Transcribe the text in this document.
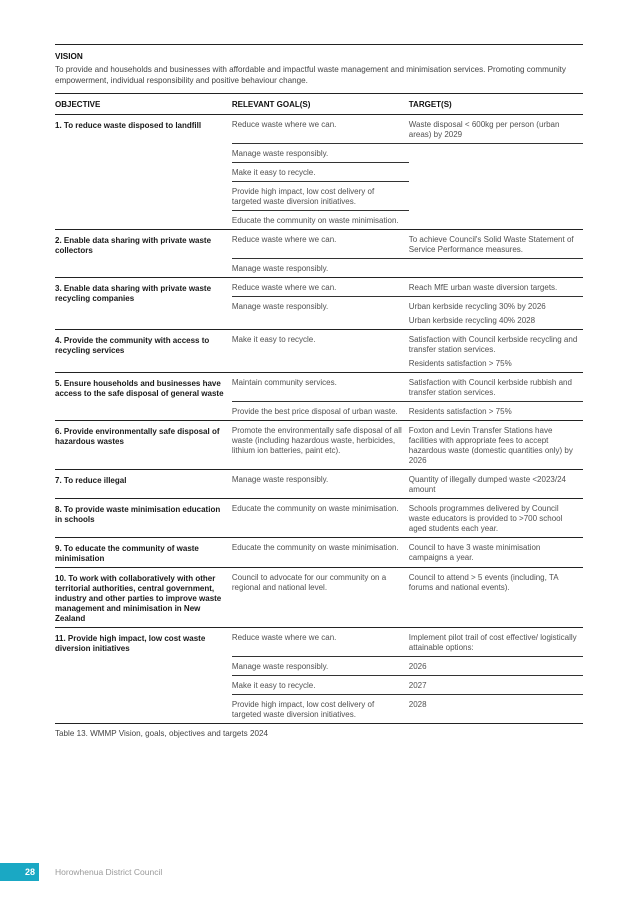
VISION
To provide and households and businesses with affordable and impactful waste management and minimisation services. Promoting community empowerment, individual responsibility and positive behaviour change.
OBJECTIVE	RELEVANT GOAL(S)	TARGET(S)
1. To reduce waste disposed to landfill	Reduce waste where we can.	Waste disposal < 600kg per person (urban areas) by 2029

	Manage waste responsibly.	
	Make it easy to recycle.	
	Provide high impact, low cost delivery of targeted waste diversion initiatives.	
	Educate the community on waste minimisation.	
2. Enable data sharing with private waste collectors	Reduce waste where we can.	To achieve Council's Solid Waste Statement of Service Performance measures.

	Manage waste responsibly.	
3. Enable data sharing with private waste recycling companies	Reduce waste where we can.	Reach MfE urban waste diversion targets.

	Manage waste responsibly.	Urban kerbside recycling 30% by 2026
Urban kerbside recycling 40% 2028

4. Provide the community with access to recycling services	Make it easy to recycle.	Satisfaction with Council kerbside recycling and transfer station services.
Residents satisfaction > 75%

5. Ensure households and businesses have access to the safe disposal of general waste	Maintain community services.	Satisfaction with Council kerbside rubbish and transfer station services.

	Provide the best price disposal of urban waste.	Residents satisfaction > 75%

6. Provide environmentally safe disposal of hazardous wastes	Promote the environmentally safe disposal of all waste (including hazardous waste, herbicides, lithium ion batteries, paint etc).	Foxton and Levin Transfer Stations have facilities with appropriate fees to accept hazardous waste (domestic quantities only) by 2026

7. To reduce illegal	Manage waste responsibly.	Quantity of illegally dumped waste <2023/24 amount

8. To provide waste minimisation education in schools	Educate the community on waste minimisation.	Schools programmes delivered by Council waste educators is provided to >700 school aged students each year.

9. To educate the community of waste minimisation	Educate the community on waste minimisation.	Council to have 3 waste minimisation campaigns a year.

10. To work with collaboratively with other territorial authorities, central government, industry and other parties to improve waste management and minimisation in New Zealand	Council to advocate for our community on a regional and national level.	Council to attend > 5 events (including, TA forums and national events).

11. Provide high impact, low cost waste diversion initiatives	Reduce waste where we can.	Implement pilot trail of cost effective/ logistically attainable options:

	Manage waste responsibly.	2026

	Make it easy to recycle.	2027

	Provide high impact, low cost delivery of targeted waste diversion initiatives.	2028
Table 13. WMMP Vision, goals, objectives and targets 2024
28	Horowhenua District Council
